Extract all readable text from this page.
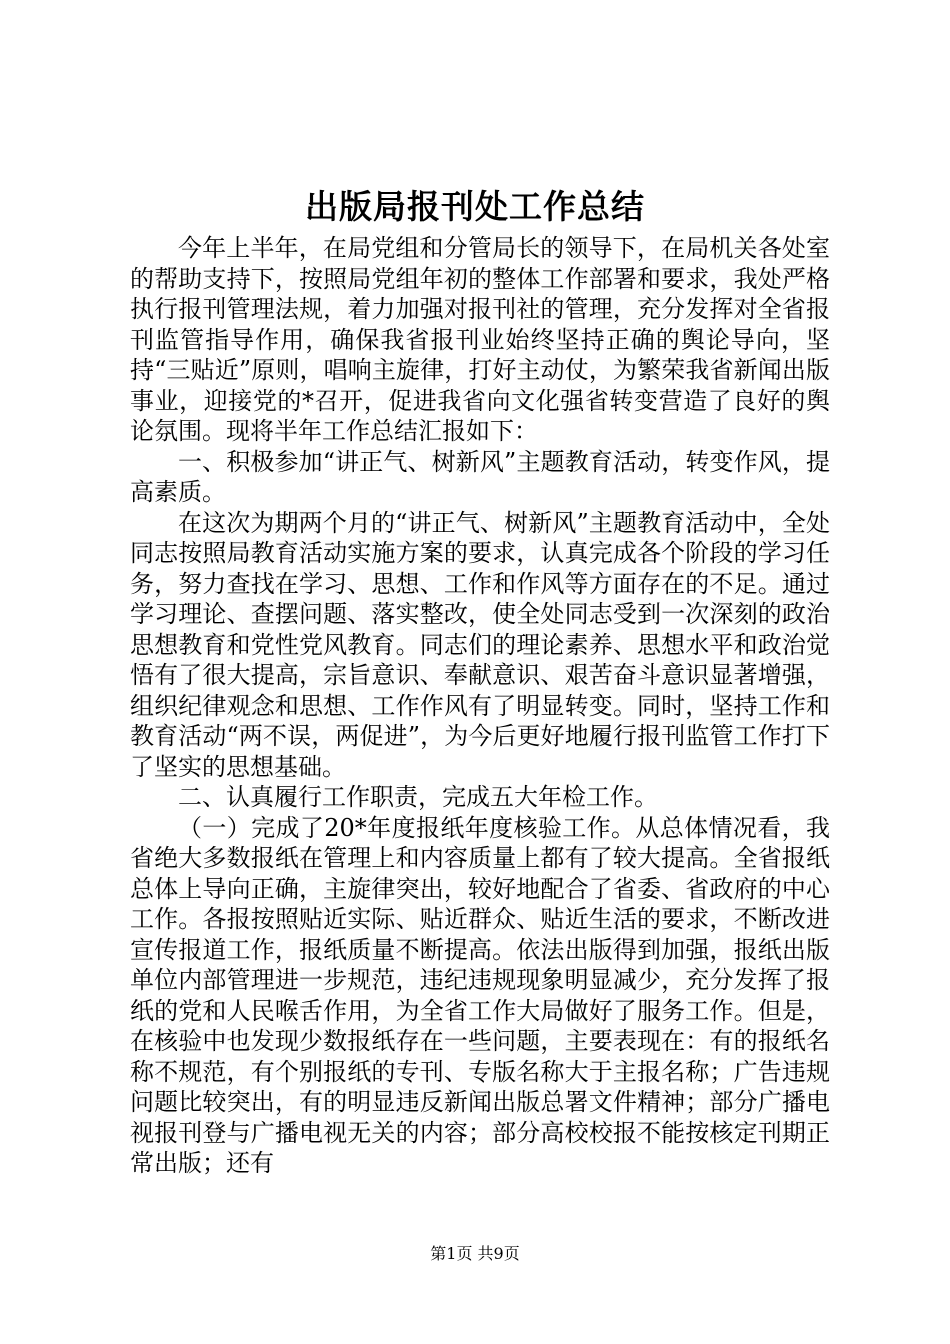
出版局报刊处工作总结

今年上半年，在局党组和分管局长的领导下，在局机关各处室的帮助支持下，按照局党组年初的整体工作部署和要求，我处严格执行报刊管理法规，着力加强对报刊社的管理，充分发挥对全省报刊监管指导作用，确保我省报刊业始终坚持正确的舆论导向，坚持“三贴近”原则，唱响主旋律，打好主动仗，为繁荣我省新闻出版事业，迎接党的*召开，促进我省向文化强省转变营造了良好的舆论氛围。现将半年工作总结汇报如下：

一、积极参加“讲正气、树新风”主题教育活动，转变作风，提高素质。

在这次为期两个月的“讲正气、树新风”主题教育活动中，全处同志按照局教育活动实施方案的要求，认真完成各个阶段的学习任务，努力查找在学习、思想、工作和作风等方面存在的不足。通过学习理论、查摆问题、落实整改，使全处同志受到一次深刻的政治思想教育和党性党风教育。同志们的理论素养、思想水平和政治觉悟有了很大提高，宗旨意识、奉献意识、艰苦奋斗意识显著增强，组织纪律观念和思想、工作作风有了明显转变。同时，坚持工作和教育活动“两不误，两促进”，为今后更好地履行报刊监管工作打下了坚实的思想基础。

二、认真履行工作职责，完成五大年检工作。

（一）完成了20*年度报纸年度核验工作。从总体情况看，我省绝大多数报纸在管理上和内容质量上都有了较大提高。全省报纸总体上导向正确，主旋律突出，较好地配合了省委、省政府的中心工作。各报按照贴近实际、贴近群众、贴近生活的要求，不断改进宣传报道工作，报纸质量不断提高。依法出版得到加强，报纸出版单位内部管理进一步规范，违纪违规现象明显减少，充分发挥了报纸的党和人民喉舌作用，为全省工作大局做好了服务工作。但是，在核验中也发现少数报纸存在一些问题，主要表现在：有的报纸名称不规范，有个别报纸的专刊、专版名称大于主报名称；广告违规问题比较突出，有的明显违反新闻出版总署文件精神；部分广播电视报刊登与广播电视无关的内容；部分高校校报不能按核定刊期正常出版；还有

第1页 共9页
